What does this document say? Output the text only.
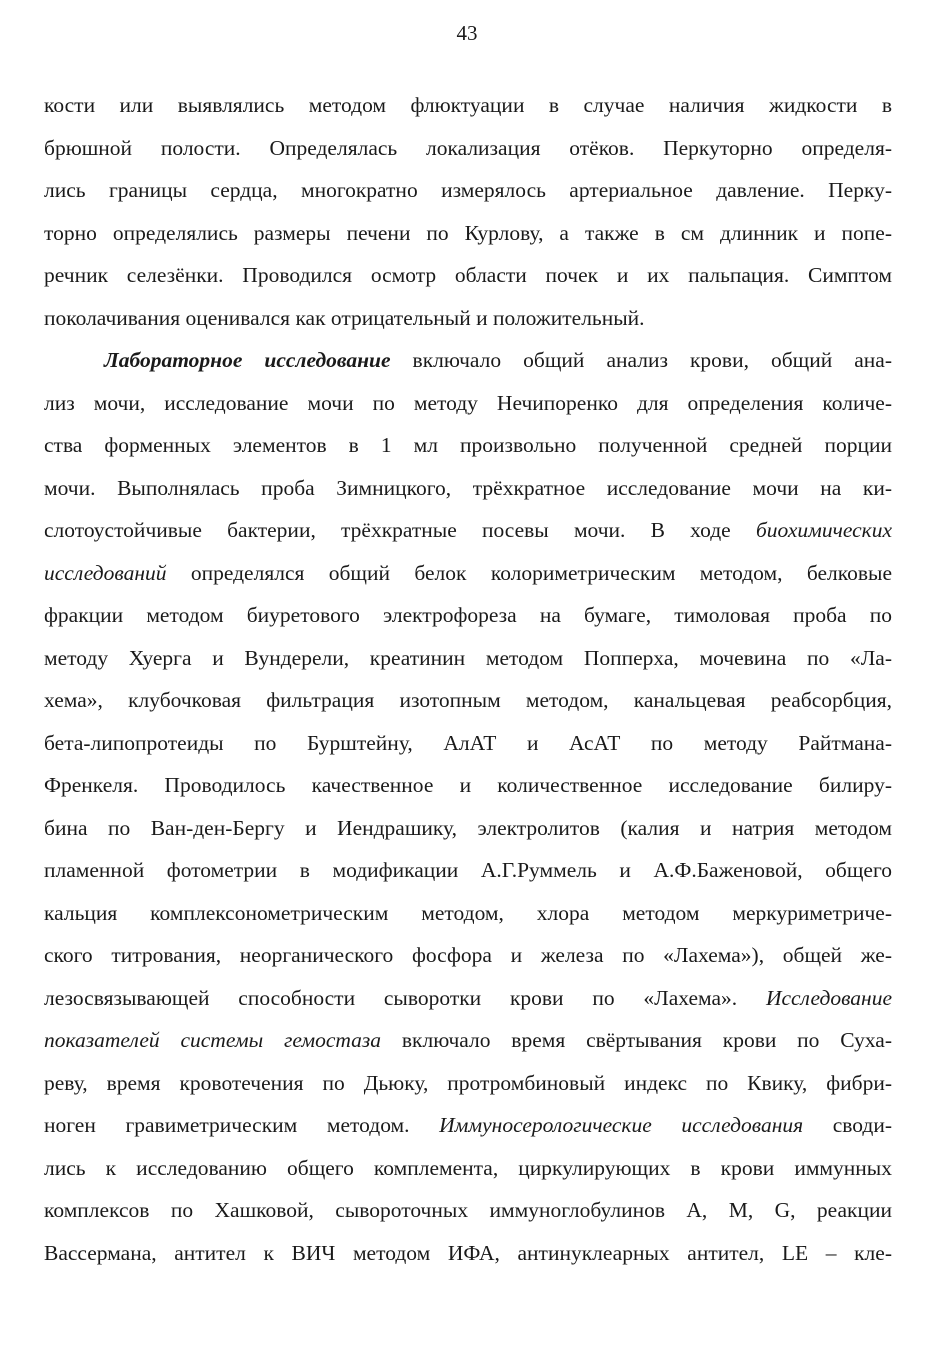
43
кости или выявлялись методом флюктуации в случае наличия жидкости в
брюшной полости. Определялась локализация отёков. Перкуторно определя-
лись границы сердца, многократно измерялось артериальное давление. Перку-
торно определялись размеры печени по Курлову, а также в см длинник и попе-
речник селезёнки. Проводился осмотр области почек и их пальпация. Симптом
поколачивания оценивался как отрицательный и положительный.
Лабораторное исследование включало общий анализ крови, общий ана-
лиз мочи, исследование мочи по методу Нечипоренко для определения количе-
ства форменных элементов в 1 мл произвольно полученной средней порции
мочи. Выполнялась проба Зимницкого, трёхкратное исследование мочи на ки-
слотоустойчивые бактерии, трёхкратные посевы мочи. В ходе биохимических
исследований определялся общий белок колориметрическим методом, белковые
фракции методом биуретового электрофореза на бумаге, тимоловая проба по
методу Хуерга и Вундерели, креатинин методом Попперха, мочевина по «Ла-
хема», клубочковая фильтрация изотопным методом, канальцевая реабсорбция,
бета-липопротеиды по Бурштейну, АлАТ и АсАТ по методу Райтмана-
Френкеля. Проводилось качественное и количественное исследование билиру-
бина по Ван-ден-Бергу и Иендрашику, электролитов (калия и натрия методом
пламенной фотометрии в модификации А.Г.Руммель и А.Ф.Баженовой, общего
кальция комплексонометрическим методом, хлора методом меркуриметриче-
ского титрования, неорганического фосфора и железа по «Лахема»), общей же-
лезосвязывающей способности сыворотки крови по «Лахема». Исследование
показателей системы гемостаза включало время свёртывания крови по Суха-
реву, время кровотечения по Дьюку, протромбиновый индекс по Квику, фибри-
ноген гравиметрическим методом. Иммуносерологические исследования своди-
лись к исследованию общего комплемента, циркулирующих в крови иммунных
комплексов по Хашковой, сывороточных иммуноглобулинов А, М, G, реакции
Вассермана, антител к ВИЧ методом ИФА, антинуклеарных антител, LE – кле-
